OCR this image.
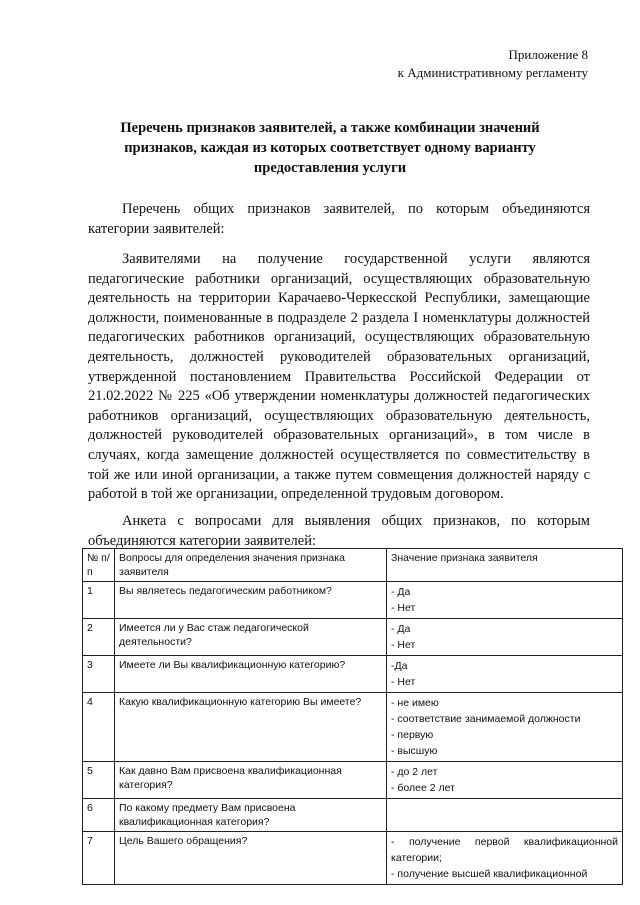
Приложение 8
к Административному регламенту
Перечень признаков заявителей, а также комбинации значений признаков, каждая из которых соответствует одному варианту предоставления услуги
Перечень общих признаков заявителей, по которым объединяются категории заявителей:
Заявителями на получение государственной услуги являются педагогические работники организаций, осуществляющих образовательную деятельность на территории Карачаево-Черкесской Республики, замещающие должности, поименованные в подразделе 2 раздела I номенклатуры должностей педагогических работников организаций, осуществляющих образовательную деятельность, должностей руководителей образовательных организаций, утвержденной постановлением Правительства Российской Федерации от 21.02.2022 № 225 «Об утверждении номенклатуры должностей педагогических работников организаций, осуществляющих образовательную деятельность, должностей руководителей образовательных организаций», в том числе в случаях, когда замещение должностей осуществляется по совместительству в той же или иной организации, а также путем совмещения должностей наряду с работой в той же организации, определенной трудовым договором.
Анкета с вопросами для выявления общих признаков, по которым объединяются категории заявителей:
№ п/п	Вопросы для определения значения признака заявителя	Значение признака заявителя
1	Вы являетесь педагогическим работником?	- Да
- Нет

2	Имеется ли у Вас стаж педагогической деятельности?	- Да
- Нет

3	Имеете ли Вы квалификационную категорию?	-Да
- Нет

4	Какую квалификационную категорию Вы имеете?	- не имею
- соответствие занимаемой должности
- первую
- высшую

5	Как давно Вам присвоена квалификационная категория?	- до 2 лет
- более 2 лет

6	По какому предмету Вам присвоена квалификационная категория?	
7	Цель Вашего обращения?	- получение первой квалификационной категории;
- получение высшей квалификационной
